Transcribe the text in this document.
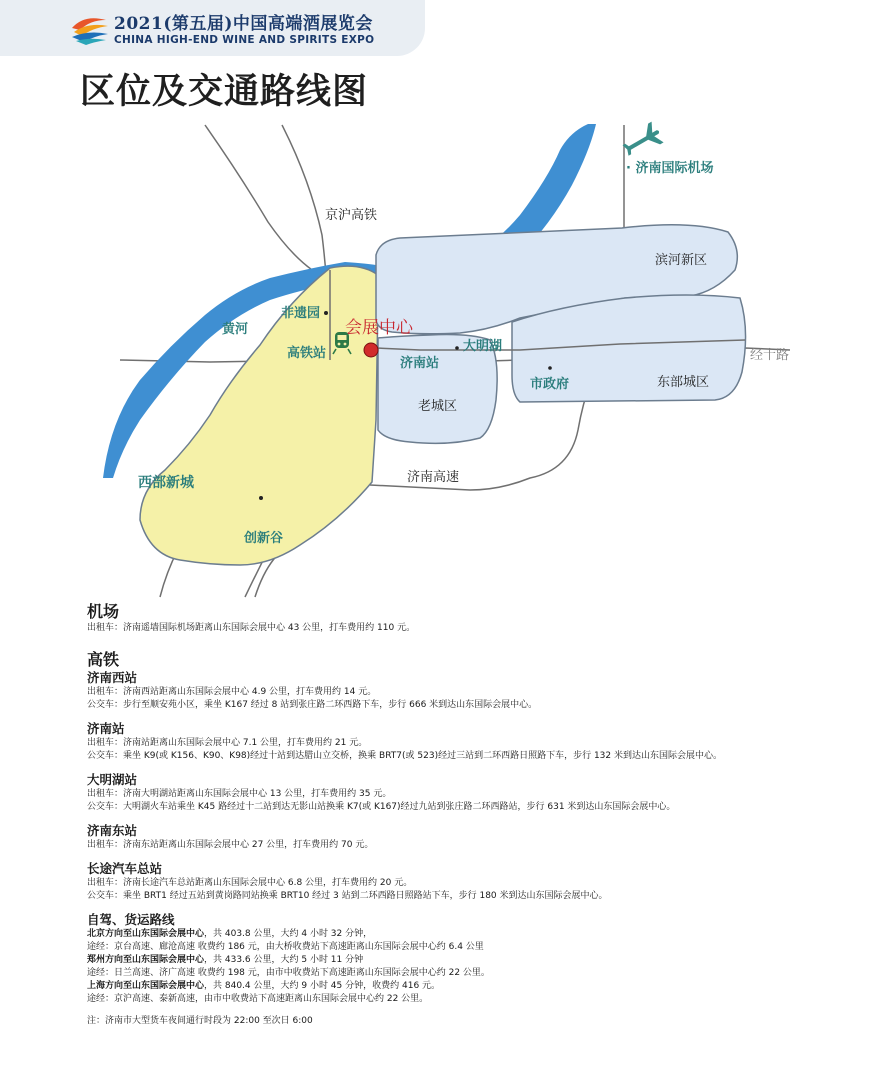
2021(第五届)中国高端酒展览会
CHINA HIGH-END WINE AND SPIRITS EXPO
区位及交通路线图
· 济南国际机场
非遗园
黄河
高铁站
济南站
大明湖
市政府
西部新城
创新谷
京沪高铁
滨河新区
东部城区
老城区
济南高速
经十路
会展中心
机场
出租车：济南遥墙国际机场距离山东国际会展中心 43 公里，打车费用约 110 元。
高铁
济南西站
出租车：济南西站距离山东国际会展中心 4.9 公里，打车费用约 14 元。
公交车：步行至顺安苑小区，乘坐 K167 经过 8 站到张庄路二环西路下车，步行 666 米到达山东国际会展中心。
济南站
出租车：济南站距离山东国际会展中心 7.1 公里，打车费用约 21 元。
公交车：乘坐 K9(或 K156、K90、K98)经过十站到达腊山立交桥，换乘 BRT7(或 523)经过三站到二环西路日照路下车，步行 132 米到达山东国际会展中心。
大明湖站
出租车：济南大明湖站距离山东国际会展中心 13 公里，打车费用约 35 元。
公交车：大明湖火车站乘坐 K45 路经过十二站到达无影山站换乘 K7(或 K167)经过九站到张庄路二环西路站，步行 631 米到达山东国际会展中心。
济南东站
出租车：济南东站距离山东国际会展中心 27 公里，打车费用约 70 元。
长途汽车总站
出租车：济南长途汽车总站距离山东国际会展中心 6.8 公里，打车费用约 20 元。
公交车：乘坐 BRT1 经过五站到黄岗路同站换乘 BRT10 经过 3 站到二环西路日照路站下车，步行 180 米到达山东国际会展中心。
自驾、货运路线
北京方向至山东国际会展中心，共 403.8 公里，大约 4 小时 32 分钟，
途经：京台高速、廊沧高速 收费约 186 元，由大桥收费站下高速距离山东国际会展中心约 6.4 公里
郑州方向至山东国际会展中心，共 433.6 公里，大约 5 小时 11 分钟
途经：日兰高速、济广高速 收费约 198 元，由市中收费站下高速距离山东国际会展中心约 22 公里。
上海方向至山东国际会展中心，共 840.4 公里，大约 9 小时 45 分钟，收费约 416 元。
途经：京沪高速、泰新高速，由市中收费站下高速距离山东国际会展中心约 22 公里。
注：济南市大型货车夜间通行时段为 22:00 至次日 6:00
